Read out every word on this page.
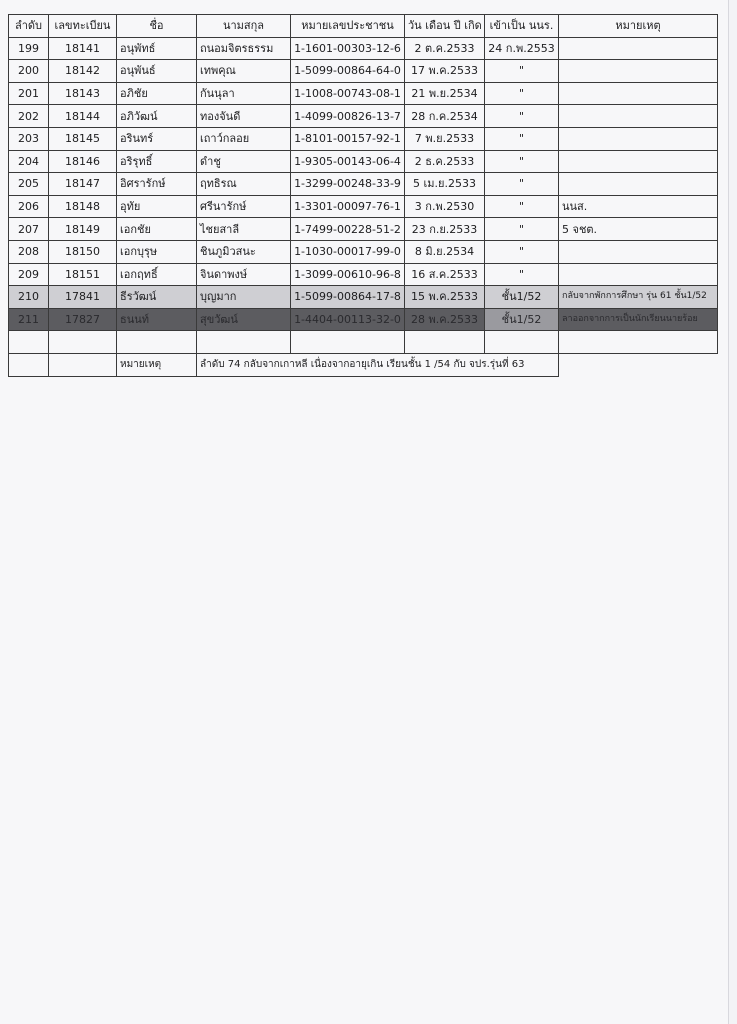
ลำดับ	เลขทะเบียน	ชื่อ	นามสกุล	หมายเลขประชาชน	วัน เดือน ปี เกิด	เข้าเป็น นนร.	หมายเหตุ
199	18141	อนุพัทธ์	ถนอมจิตรธรรม	1-1601-00303-12-6	2 ต.ค.2533	24 ก.พ.2553	
200	18142	อนุพันธ์	เทพคุณ	1-5099-00864-64-0	17 พ.ค.2533	"	
201	18143	อภิชัย	กันนุลา	1-1008-00743-08-1	21 พ.ย.2534	"	
202	18144	อภิวัฒน์	ทองจันดี	1-4099-00826-13-7	28 ก.ค.2534	"	
203	18145	อรินทร์	เถาว์กลอย	1-8101-00157-92-1	7 พ.ย.2533	"	
204	18146	อริรุทธิ์	ดำชู	1-9305-00143-06-4	2 ธ.ค.2533	"	
205	18147	อิศรารักษ์	ฤทธิรณ	1-3299-00248-33-9	5 เม.ย.2533	"	
206	18148	อุทัย	ศรีนารักษ์	1-3301-00097-76-1	3 ก.พ.2530	"	นนส.
207	18149	เอกชัย	ไชยสาลี	1-7499-00228-51-2	23 ก.ย.2533	"	5 จชต.
208	18150	เอกบุรุษ	ชินภูมิวสนะ	1-1030-00017-99-0	8 มิ.ย.2534	"	
209	18151	เอกฤทธิ์	จินดาพงษ์	1-3099-00610-96-8	16 ส.ค.2533	"	
210	17841	ธีรวัฒน์	บุญมาก	1-5099-00864-17-8	15 พ.ค.2533	ชั้น1/52	กลับจากพักการศึกษา รุ่น 61 ชั้น1/52
211	17827	ธนนท์	สุขวัฒน์	1-4404-00113-32-0	28 พ.ค.2533	ชั้น1/52	ลาออกจากการเป็นนักเรียนนายร้อย

		หมายเหตุ	ลำดับ 74 กลับจากเกาหลี เนื่องจากอายุเกิน เรียนชั้น 1 /54 กับ จปร.รุ่นที่ 63				
